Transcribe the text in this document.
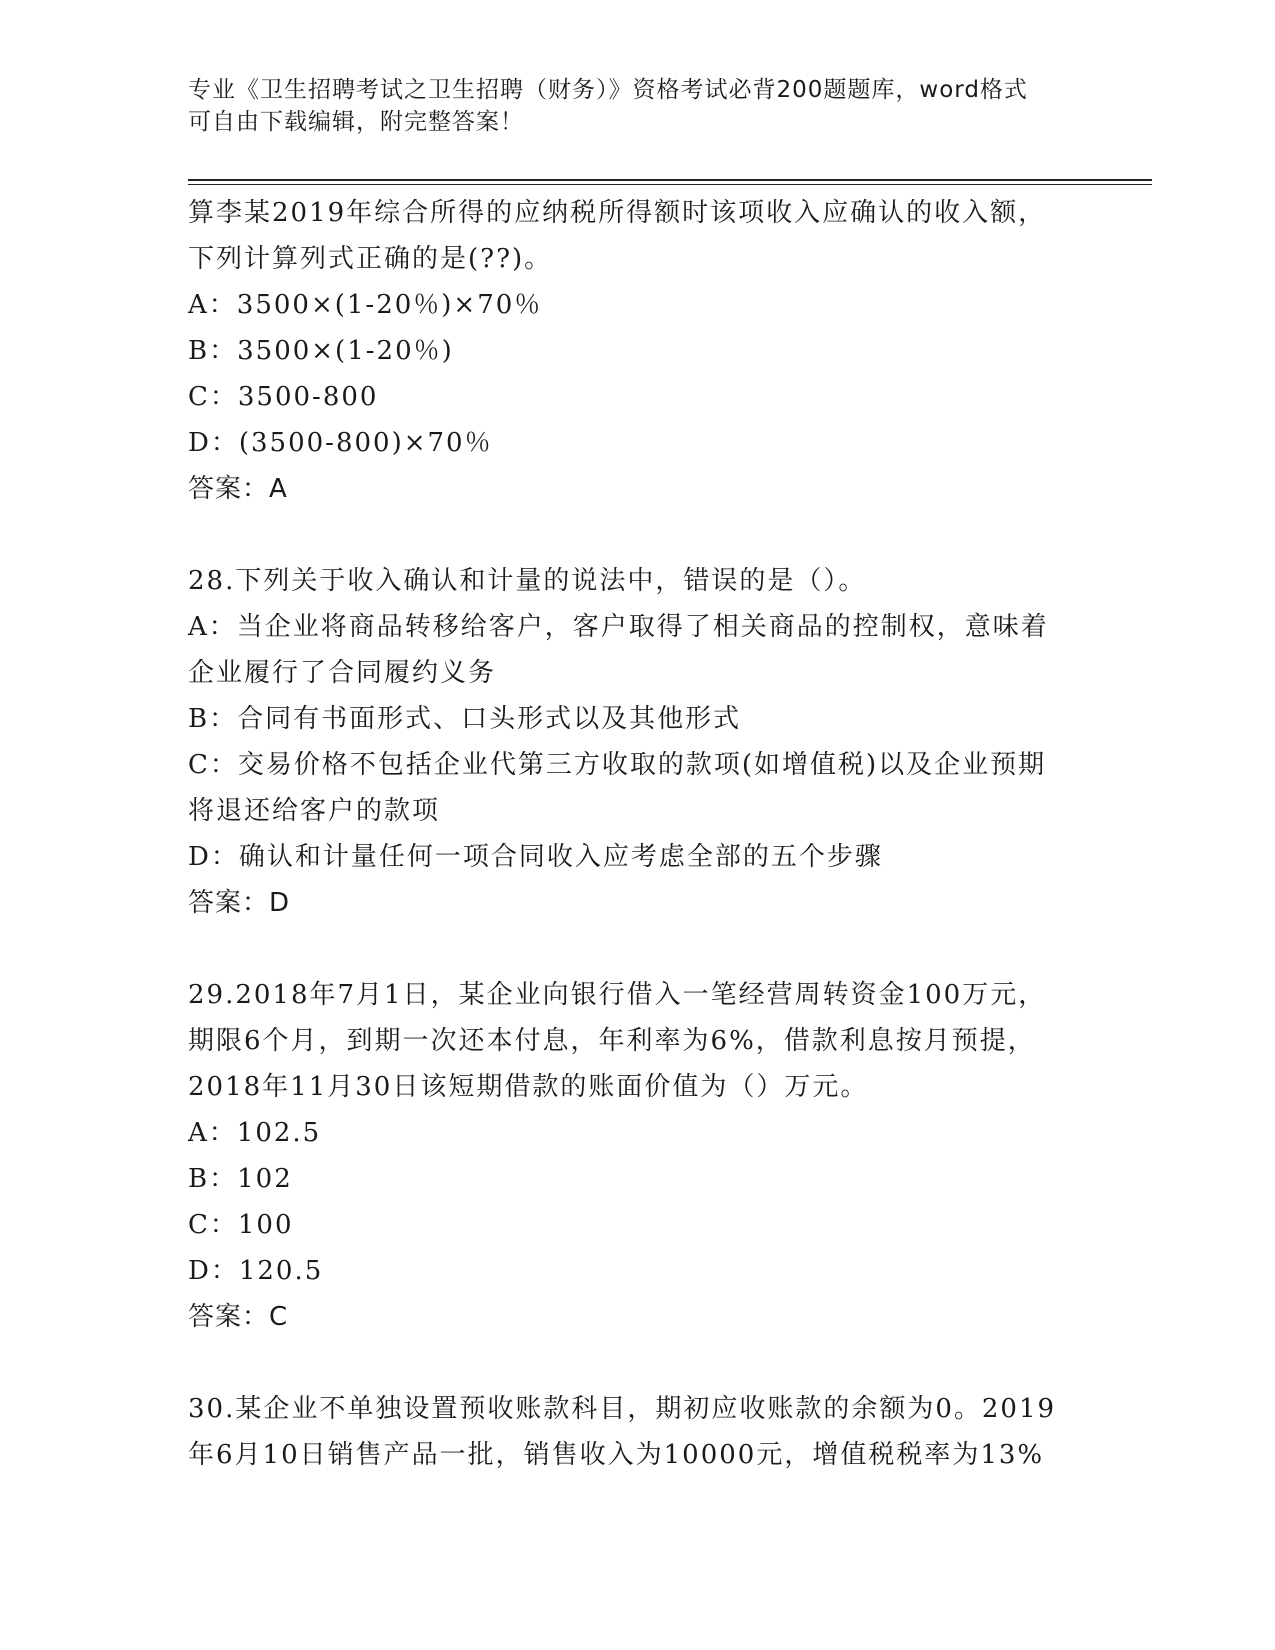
专业《卫生招聘考试之卫生招聘（财务）》资格考试必背200题题库，word格式
可自由下载编辑，附完整答案！
算李某2019年综合所得的应纳税所得额时该项收入应确认的收入额，
下列计算列式正确的是(??)。
A：3500×(1-20％)×70％
B：3500×(1-20％)
C：3500-800
D：(3500-800)×70％
答案：A
28.下列关于收入确认和计量的说法中，错误的是（）。
A：当企业将商品转移给客户，客户取得了相关商品的控制权，意味着
企业履行了合同履约义务
B：合同有书面形式、口头形式以及其他形式
C：交易价格不包括企业代第三方收取的款项(如增值税)以及企业预期
将退还给客户的款项
D：确认和计量任何一项合同收入应考虑全部的五个步骤
答案：D
29.2018年7月1日，某企业向银行借入一笔经营周转资金100万元，
期限6个月，到期一次还本付息，年利率为6%，借款利息按月预提，
2018年11月30日该短期借款的账面价值为（）万元。
A：102.5
B：102
C：100
D：120.5
答案：C
30.某企业不单独设置预收账款科目，期初应收账款的余额为0。2019
年6月10日销售产品一批，销售收入为10000元，增值税税率为13%
